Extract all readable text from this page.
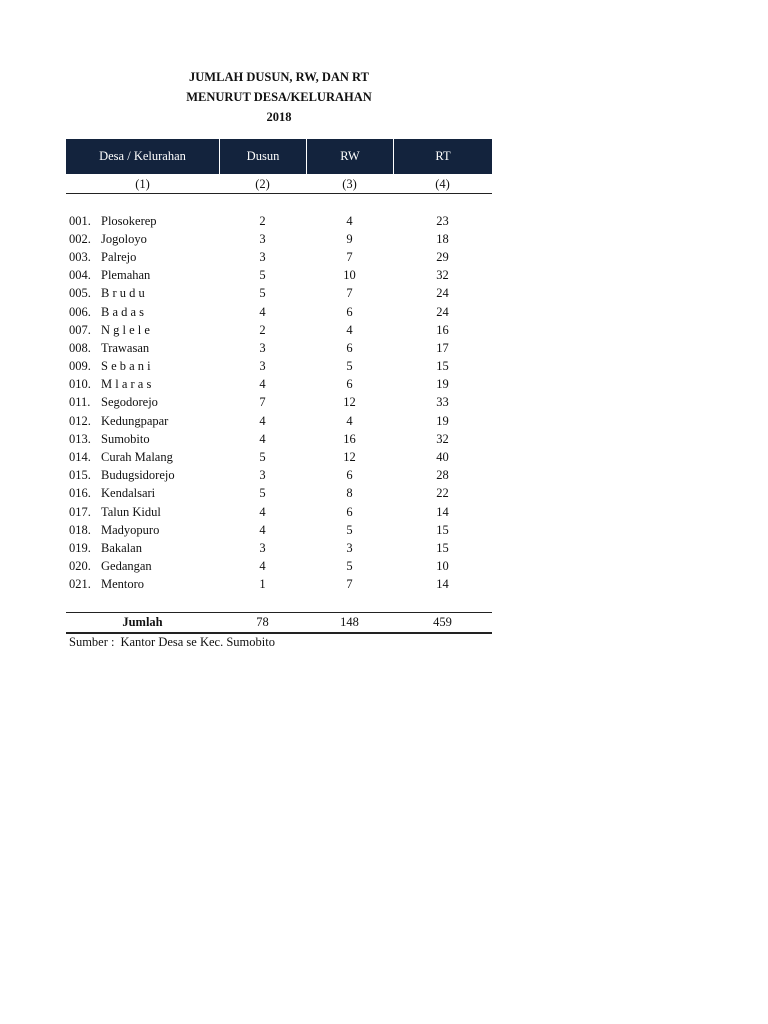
JUMLAH DUSUN, RW, DAN RT
MENURUT DESA/KELURAHAN
2018
Desa / Kelurahan	Dusun	RW	RT
(1)	(2)	(3)	(4)
001. Plosokerep	2	4	23
002. Jogoloyo	3	9	18
003. Palrejo	3	7	29
004. Plemahan	5	10	32
005. B r u d u	5	7	24
006. B a d a s	4	6	24
007. N g l e l e	2	4	16
008. Trawasan	3	6	17
009. S e b a n i	3	5	15
010. M l a r a s	4	6	19
011. Segodorejo	7	12	33
012. Kedungpapar	4	4	19
013. Sumobito	4	16	32
014. Curah Malang	5	12	40
015. Budugsidorejo	3	6	28
016. Kendalsari	5	8	22
017. Talun Kidul	4	6	14
018. Madyopuro	4	5	15
019. Bakalan	3	3	15
020. Gedangan	4	5	10
021. Mentoro	1	7	14
Jumlah	78	148	459
Sumber : Kantor Desa se Kec. Sumobito
